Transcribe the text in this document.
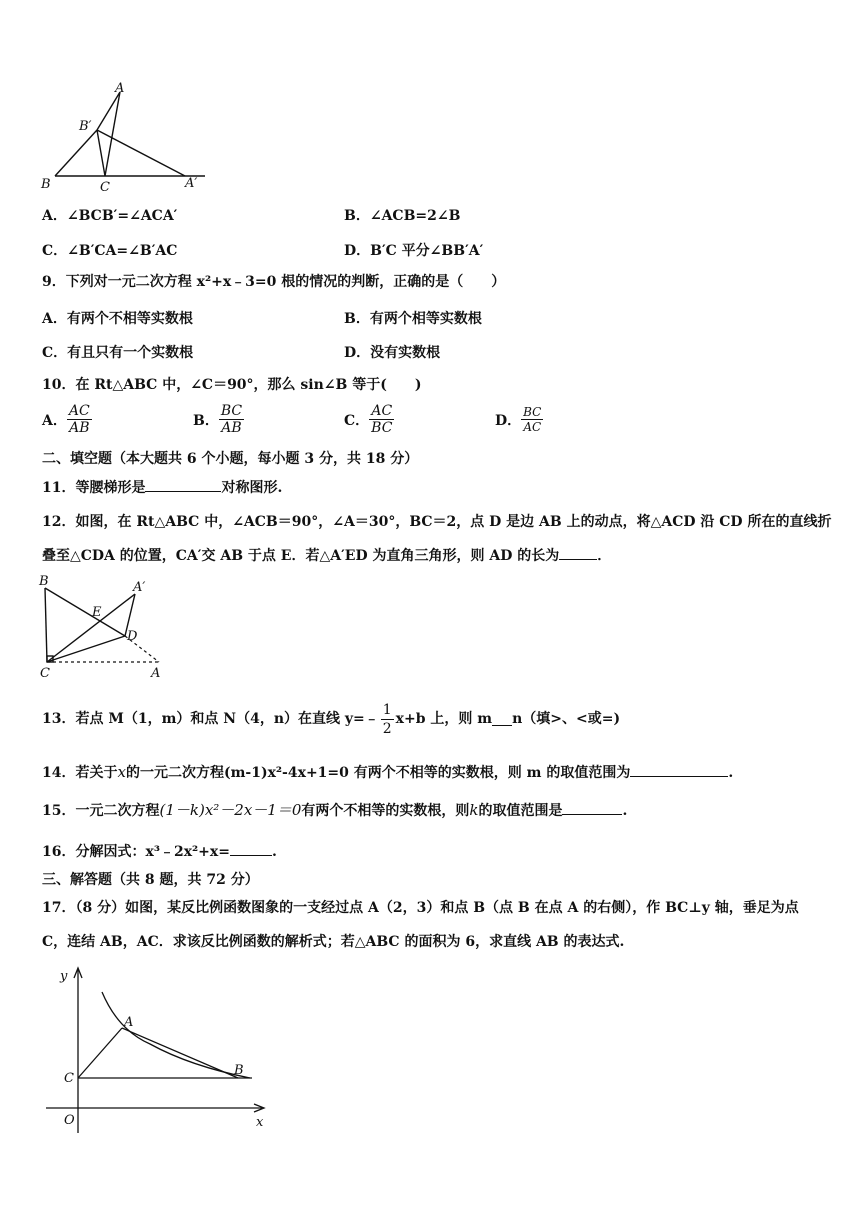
A
B′
B	C	A′
A．∠BCB′=∠ACA′	B．∠ACB=2∠B
C．∠B′CA=∠B′AC	D．B′C 平分∠BB′A′
9．下列对一元二次方程 x²+x﹣3=0 根的情况的判断，正确的是（　　）
A．有两个不相等实数根	B．有两个相等实数根
C．有且只有一个实数根	D．没有实数根
10．在 Rt△ABC 中，∠C＝90°，那么 sin∠B 等于(　　)
A． $\frac{AC}{AB}$	B． $\frac{BC}{AB}$	C． $\frac{AC}{BC}$	D． $\frac{BC}{AC}$
二、填空题（本大题共 6 个小题，每小题 3 分，共 18 分）
11．等腰梯形是	对称图形.
12．如图，在 Rt△ABC 中，∠ACB＝90°，∠A＝30°，BC＝2，点 D 是边 AB 上的动点，将△ACD 沿 CD 所在的直线折
叠至△CDA 的位置，CA′交 AB 于点 E．若△A′ED 为直角三角形，则 AD 的长为	．
B	A′
E
D
C	A
13．若点 M（1，m）和点 N（4，n）在直线 y=﹣ $\frac{1}{2} x+b$ 上，则 m n（填>、<或=)
14．若关于x的一元二次方程(m-1)x²-4x+1=0 有两个不相等的实数根，则 m 的取值范围为	.
15．一元二次方程(1－k)x²－2x－1＝0有两个不相等的实数根，则k的取值范围是	.
16．分解因式：x³﹣2x²+x=	.
三、解答题（共 8 题，共 72 分）
17．（8 分）如图，某反比例函数图象的一支经过点 A（2，3）和点 B（点 B 在点 A 的右侧），作 BC⊥y 轴，垂足为点
C，连结 AB，AC．求该反比例函数的解析式；若△ABC 的面积为 6，求直线 AB 的表达式.
y
A
C
B
O	x
